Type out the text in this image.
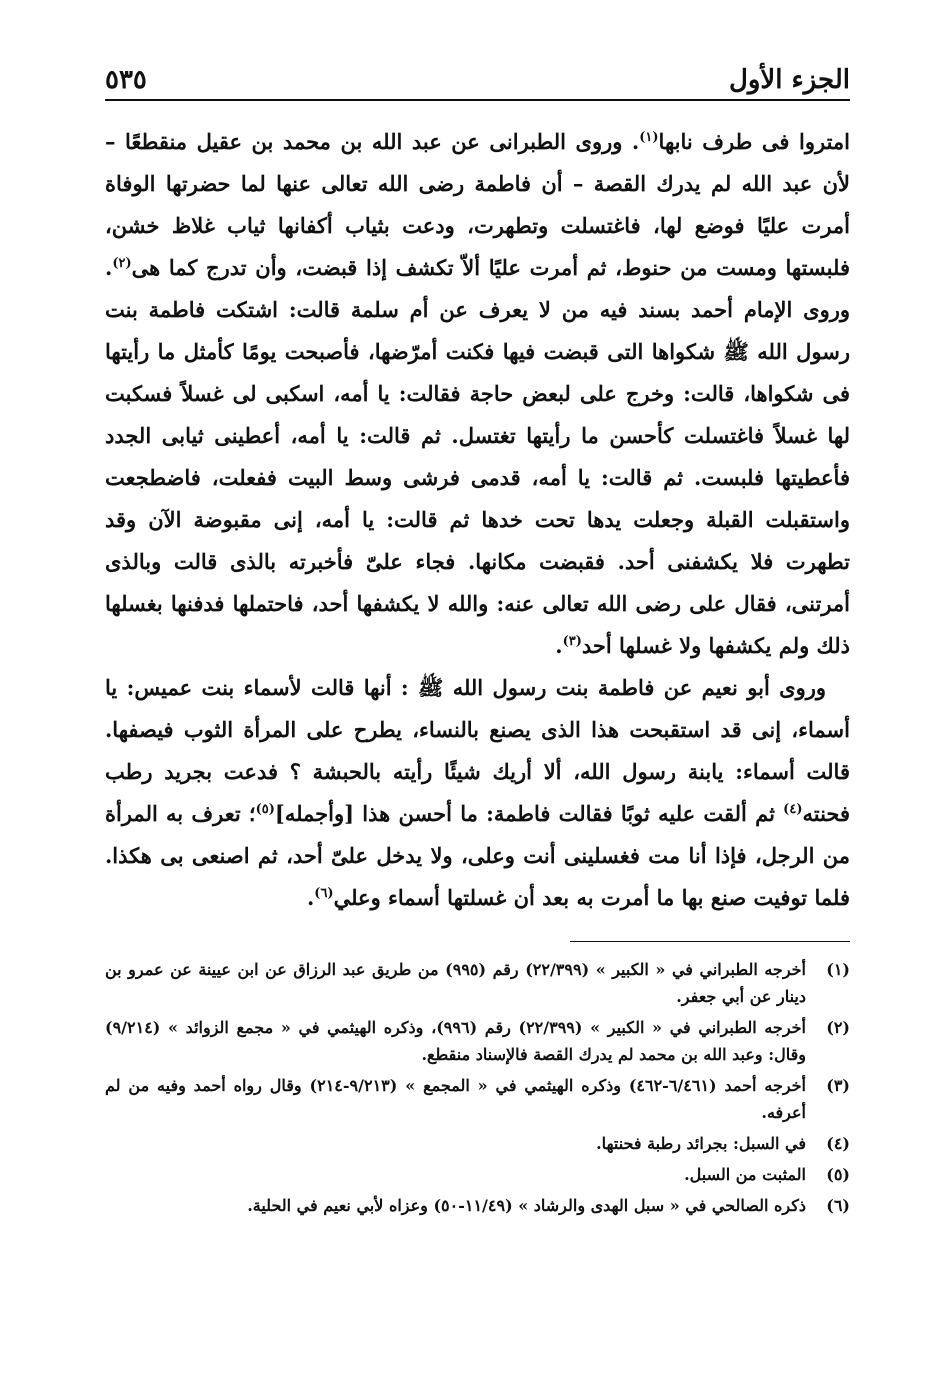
الجزء الأول
٥٣٥

امتروا فى طرف نابها$^{(١)}$. وروى الطبرانى عن عبد الله بن محمد بن عقيل منقطعًا – لأن عبد الله لم يدرك القصة – أن فاطمة رضى الله تعالى عنها لما حضرتها الوفاة أمرت عليًا فوضع لها، فاغتسلت وتطهرت، ودعت بثياب أكفانها ثياب غلاظ خشن، فلبستها ومست من حنوط، ثم أمرت عليًا ألاّ تكشف إذا قبضت، وأن تدرج كما هى$^{(٢)}$. وروى الإمام أحمد بسند فيه من لا يعرف عن أم سلمة قالت: اشتكت فاطمة بنت رسول الله ﷺ شكواها التى قبضت فيها فكنت أمرّضها، فأصبحت يومًا كأمثل ما رأيتها فى شكواها، قالت: وخرج على لبعض حاجة فقالت: يا أمه، اسكبى لى غسلاً فسكبت لها غسلاً فاغتسلت كأحسن ما رأيتها تغتسل. ثم قالت: يا أمه، أعطينى ثيابى الجدد فأعطيتها فلبست. ثم قالت: يا أمه، قدمى فرشى وسط البيت ففعلت، فاضطجعت واستقبلت القبلة وجعلت يدها تحت خدها ثم قالت: يا أمه، إنى مقبوضة الآن وقد تطهرت فلا يكشفنى أحد. فقبضت مكانها. فجاء علىّ فأخبرته بالذى قالت وبالذى أمرتنى، فقال على رضى الله تعالى عنه: والله لا يكشفها أحد، فاحتملها فدفنها بغسلها ذلك ولم يكشفها ولا غسلها أحد$^{(٣)}$.

وروى أبو نعيم عن فاطمة بنت رسول الله ﷺ : أنها قالت لأسماء بنت عميس: يا أسماء، إنى قد استقبحت هذا الذى يصنع بالنساء، يطرح على المرأة الثوب فيصفها. قالت أسماء: يابنة رسول الله، ألا أريك شيئًا رأيته بالحبشة ؟ فدعت بجريد رطب فحنته$^{(٤)}$ ثم ألقت عليه ثوبًا فقالت فاطمة: ما أحسن هذا [وأجمله]$^{(٥)}$؛ تعرف به المرأة من الرجل، فإذا أنا مت فغسلينى أنت وعلى، ولا يدخل علىّ أحد، ثم اصنعى بى هكذا. فلما توفيت صنع بها ما أمرت به بعد أن غسلتها أسماء وعلي$^{(٦)}$.

(١)
أخرجه الطبراني في « الكبير » (٢٢/٣٩٩) رقم (٩٩٥) من طريق عبد الرزاق عن ابن عيينة عن عمرو بن دينار عن أبي جعفر.
(٢)
أخرجه الطبراني في « الكبير » (٢٢/٣٩٩) رقم (٩٩٦)، وذكره الهيثمي في « مجمع الزوائد » (٩/٢١٤) وقال: وعبد الله بن محمد لم يدرك القصة فالإسناد منقطع.
(٣)
أخرجه أحمد (٦/٤٦١-٤٦٢) وذكره الهيثمي في « المجمع » (٩/٢١٣-٢١٤) وقال رواه أحمد وفيه من لم أعرفه.
(٤)
في السبل: بجرائد رطبة فحنتها.
(٥)
المثبت من السبل.
(٦)
ذكره الصالحي في « سبل الهدى والرشاد » (١١/٤٩-٥٠) وعزاه لأبي نعيم في الحلية.
